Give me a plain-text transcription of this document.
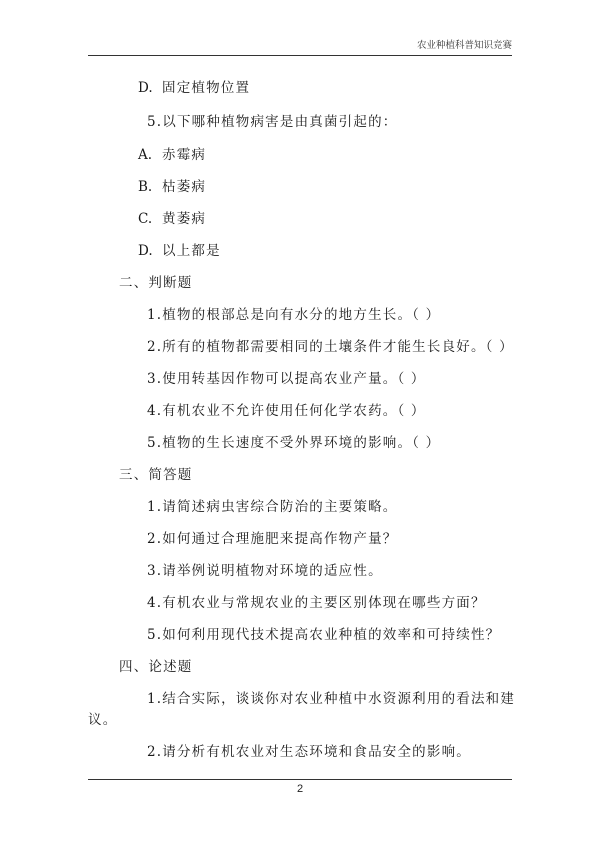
农业种植科普知识竞赛
D. 固定植物位置
5.以下哪种植物病害是由真菌引起的：
A. 赤霉病
B. 枯萎病
C. 黄萎病
D. 以上都是
二、判断题
1.植物的根部总是向有水分的地方生长。（ ）
2.所有的植物都需要相同的土壤条件才能生长良好。（ ）
3.使用转基因作物可以提高农业产量。（ ）
4.有机农业不允许使用任何化学农药。（ ）
5.植物的生长速度不受外界环境的影响。（ ）
三、简答题
1.请简述病虫害综合防治的主要策略。
2.如何通过合理施肥来提高作物产量？
3.请举例说明植物对环境的适应性。
4.有机农业与常规农业的主要区别体现在哪些方面？
5.如何利用现代技术提高农业种植的效率和可持续性？
四、论述题
1.结合实际，谈谈你对农业种植中水资源利用的看法和建
议。
2.请分析有机农业对生态环境和食品安全的影响。
2
